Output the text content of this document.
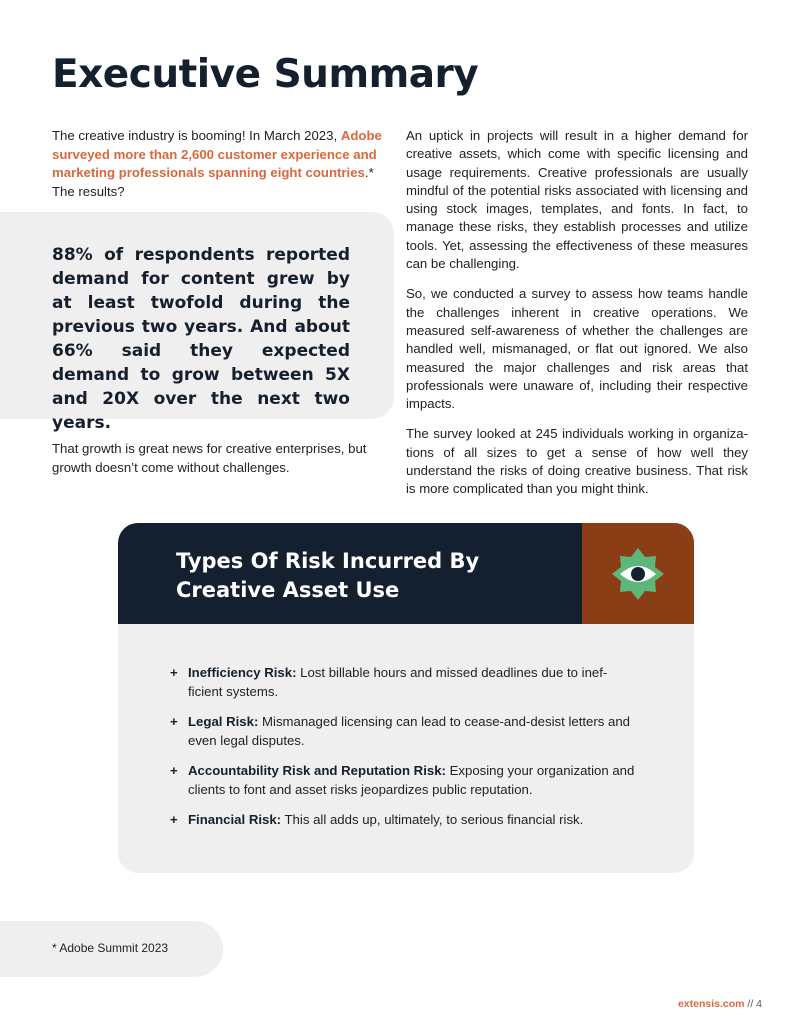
Executive Summary
The creative industry is booming! In March 2023, Adobe surveyed more than 2,600 customer experience and marketing professionals spanning eight countries.* The results?
88% of respondents reported demand for content grew by at least twofold during the previous two years. And about 66% said they expected demand to grow between 5X and 20X over the next two years.
That growth is great news for creative enterprises, but growth doesn’t come without challenges.

An uptick in projects will result in a higher demand for creative assets, which come with specific licensing and usage requirements. Creative professionals are usually mindful of the potential risks associated with licensing and using stock images, templates, and fonts. In fact, to manage these risks, they establish processes and utilize tools. Yet, assessing the effectiveness of these measures can be challenging.

So, we conducted a survey to assess how teams handle the challenges inherent in creative operations. We measured self-awareness of whether the challenges are handled well, mismanaged, or flat out ignored. We also measured the major challenges and risk areas that professionals were unaware of, including their respective impacts.

The survey looked at 245 individuals working in organiza-tions of all sizes to get a sense of how well they understand the risks of doing creative business. That risk is more complicated than you might think.

Types Of Risk Incurred By Creative Asset Use
+ Inefficiency Risk: Lost billable hours and missed deadlines due to inef-ficient systems.
+ Legal Risk: Mismanaged licensing can lead to cease-and-desist letters and even legal disputes.
+ Accountability Risk and Reputation Risk: Exposing your organization and clients to font and asset risks jeopardizes public reputation.
+ Financial Risk: This all adds up, ultimately, to serious financial risk.
* Adobe Summit 2023
extensis.com // 4
